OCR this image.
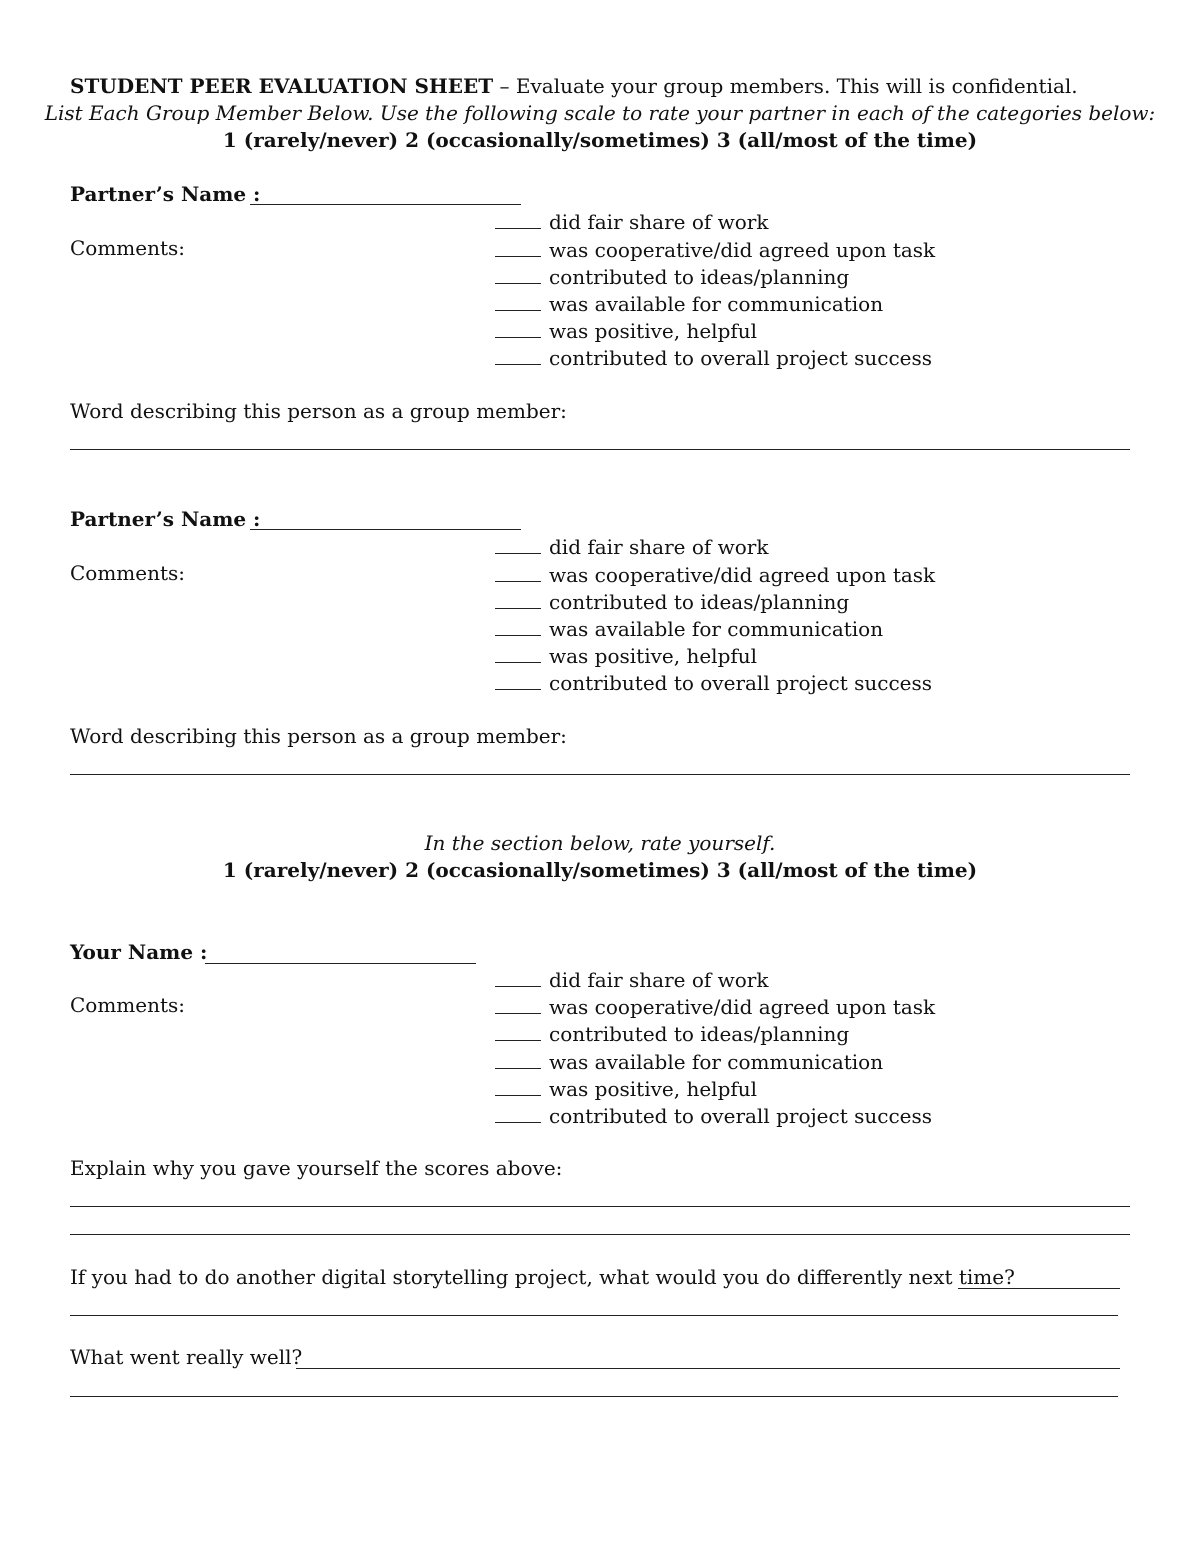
STUDENT PEER EVALUATION SHEET – Evaluate your group members. This will is confidential.
List Each Group Member Below. Use the following scale to rate your partner in each of the categories below:
1 (rarely/never) 2 (occasionally/sometimes) 3 (all/most of the time)
Partner’s Name :
Comments:
did fair share of work
was cooperative/did agreed upon task
contributed to ideas/planning
was available for communication
was positive, helpful
contributed to overall project success
Word describing this person as a group member:
Partner’s Name :
Comments:
did fair share of work
was cooperative/did agreed upon task
contributed to ideas/planning
was available for communication
was positive, helpful
contributed to overall project success
Word describing this person as a group member:
In the section below, rate yourself.
1 (rarely/never) 2 (occasionally/sometimes) 3 (all/most of the time)
Your Name :
Comments:
did fair share of work
was cooperative/did agreed upon task
contributed to ideas/planning
was available for communication
was positive, helpful
contributed to overall project success
Explain why you gave yourself the scores above:
If you had to do another digital storytelling project, what would you do differently next time?
What went really well?
